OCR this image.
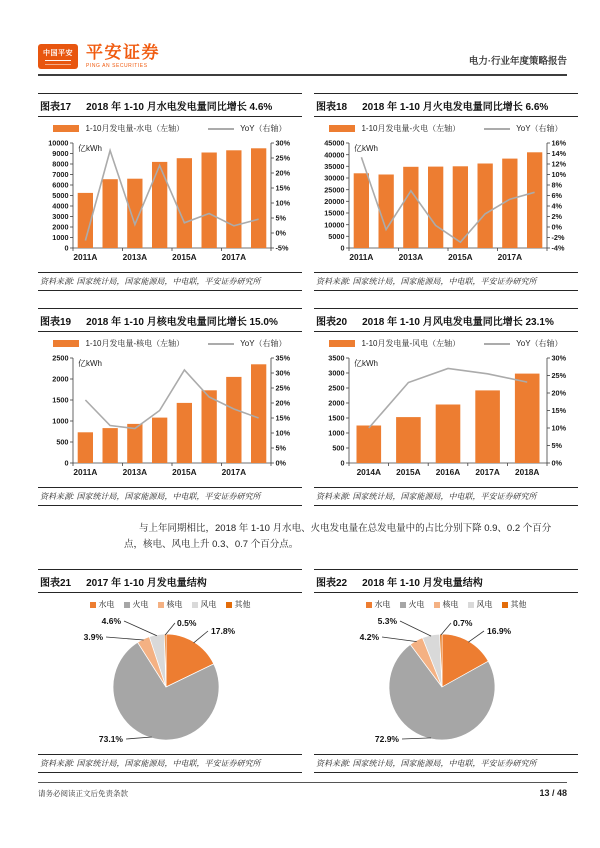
中国平安 平安证券
PING AN SECURITIES	电力·行业年度策略报告
图表17 2018 年 1-10 月水电发电量同比增长 4.6%
1-10月发电量-水电（左轴）	YoY（右轴）
0
1000
2000
3000
4000
5000
6000
7000
8000
9000
10000
-5%
0%
5%
10%
15%
20%
25%
30%
亿kWh
2011A	2013A	2015A	2017A
资料来源: 国家统计局，国家能源局，中电联，平安证券研究所
图表18 2018 年 1-10 月火电发电量同比增长 6.6%
1-10月发电量-火电（左轴）	YoY（右轴）
0
5000
10000
15000
20000
25000
30000
35000
40000
45000
-4%
-2%
0%
2%
4%
6%
8%
10%
12%
14%
16%
亿kWh
2011A	2013A	2015A	2017A
资料来源: 国家统计局，国家能源局，中电联，平安证券研究所
图表19 2018 年 1-10 月核电发电量同比增长 15.0%
1-10月发电量-核电（左轴）	YoY（右轴）
0
500
1000
1500
2000
2500
0%
5%
10%
15%
20%
25%
30%
35%
亿kWh
2011A	2013A	2015A	2017A
资料来源: 国家统计局，国家能源局，中电联，平安证券研究所
图表20 2018 年 1-10 月风电发电量同比增长 23.1%
1-10月发电量-风电（左轴）	YoY（右轴）
0
500
1000
1500
2000
2500
3000
3500
0%
5%
10%
15%
20%
25%
30%
亿kWh
2014A 2015A 2016A 2017A 2018A
资料来源: 国家统计局，国家能源局，中电联，平安证券研究所

与上年同期相比，2018 年 1-10 月水电、火电发电量在总发电量中的占比分别下降 0.9、0.2 个百分点，核电、风电上升 0.3、0.7 个百分点。

图表21 2017 年 1-10 月发电量结构
水电	火电	核电	风电	其他
17.8%
73.1%
3.9%
4.6%	0.5%
资料来源: 国家统计局，国家能源局，中电联，平安证券研究所
图表22 2018 年 1-10 月发电量结构
水电	火电	核电	风电	其他
16.9%
72.9%
4.2%
5.3%	0.7%
资料来源: 国家统计局，国家能源局，中电联，平安证券研究所
请务必阅读正文后免责条款	13 / 48
